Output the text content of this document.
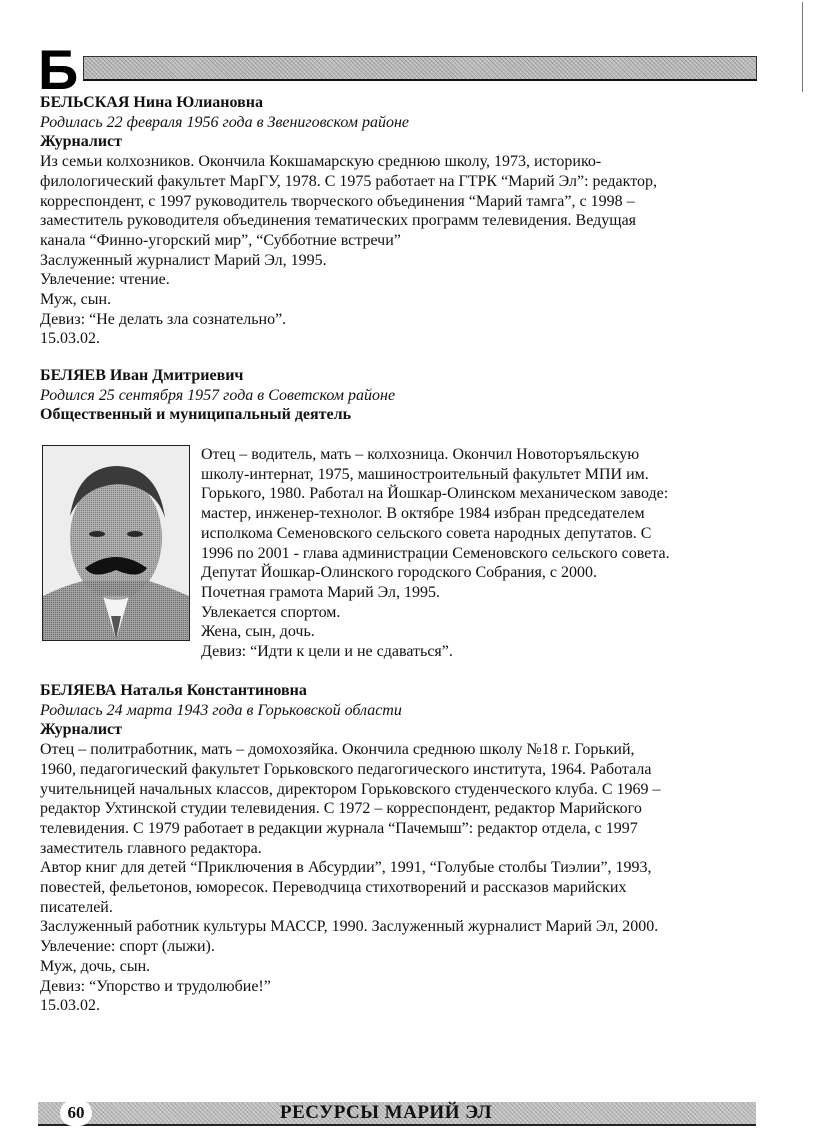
Б
БЕЛЬСКАЯ Нина Юлиановна
Родилась 22 февраля 1956 года в Звениговском районе
Журналист
Из семьи колхозников. Окончила Кокшамарскую среднюю школу, 1973, историко-
филологический факультет МарГУ, 1978. С 1975 работает на ГТРК “Марий Эл”: редактор,
корреспондент, с 1997 руководитель творческого объединения “Марий тамга”, с 1998 –
заместитель руководителя объединения тематических программ телевидения. Ведущая
канала “Финно-угорский мир”, “Субботние встречи”
Заслуженный журналист Марий Эл, 1995.
Увлечение: чтение.
Муж, сын.
Девиз: “Не делать зла сознательно”.
15.03.02.
БЕЛЯЕВ Иван Дмитриевич
Родился 25 сентября 1957 года в Советском районе
Общественный и муниципальный деятель
Отец – водитель, мать – колхозница. Окончил Новоторъяльскую
школу-интернат, 1975, машиностроительный факультет МПИ им.
Горького, 1980. Работал на Йошкар-Олинском механическом заводе:
мастер, инженер-технолог. В октябре 1984 избран председателем
исполкома Семеновского сельского совета народных депутатов. С
1996 по 2001 - глава администрации Семеновского сельского совета.
Депутат Йошкар-Олинского городского Собрания, с 2000.
Почетная грамота Марий Эл, 1995.
Увлекается спортом.
Жена, сын, дочь.
Девиз: “Идти к цели и не сдаваться”.
БЕЛЯЕВА Наталья Константиновна
Родилась 24 марта 1943 года в Горьковской области
Журналист
Отец – политработник, мать – домохозяйка. Окончила среднюю школу №18 г. Горький,
1960, педагогический факультет Горьковского педагогического института, 1964. Работала
учительницей начальных классов, директором Горьковского студенческого клуба. С 1969 –
редактор Ухтинской студии телевидения. С 1972 – корреспондент, редактор Марийского
телевидения. С 1979 работает в редакции журнала “Пачемыш”: редактор отдела, с 1997
заместитель главного редактора.
Автор книг для детей “Приключения в Абсурдии”, 1991, “Голубые столбы Тиэлии”, 1993,
повестей, фельетонов, юморесок. Переводчица стихотворений и рассказов марийских
писателей.
Заслуженный работник культуры МАССР, 1990. Заслуженный журналист Марий Эл, 2000.
Увлечение: спорт (лыжи).
Муж, дочь, сын.
Девиз: “Упорство и трудолюбие!”
15.03.02.
60	РЕСУРСЫ МАРИЙ ЭЛ
